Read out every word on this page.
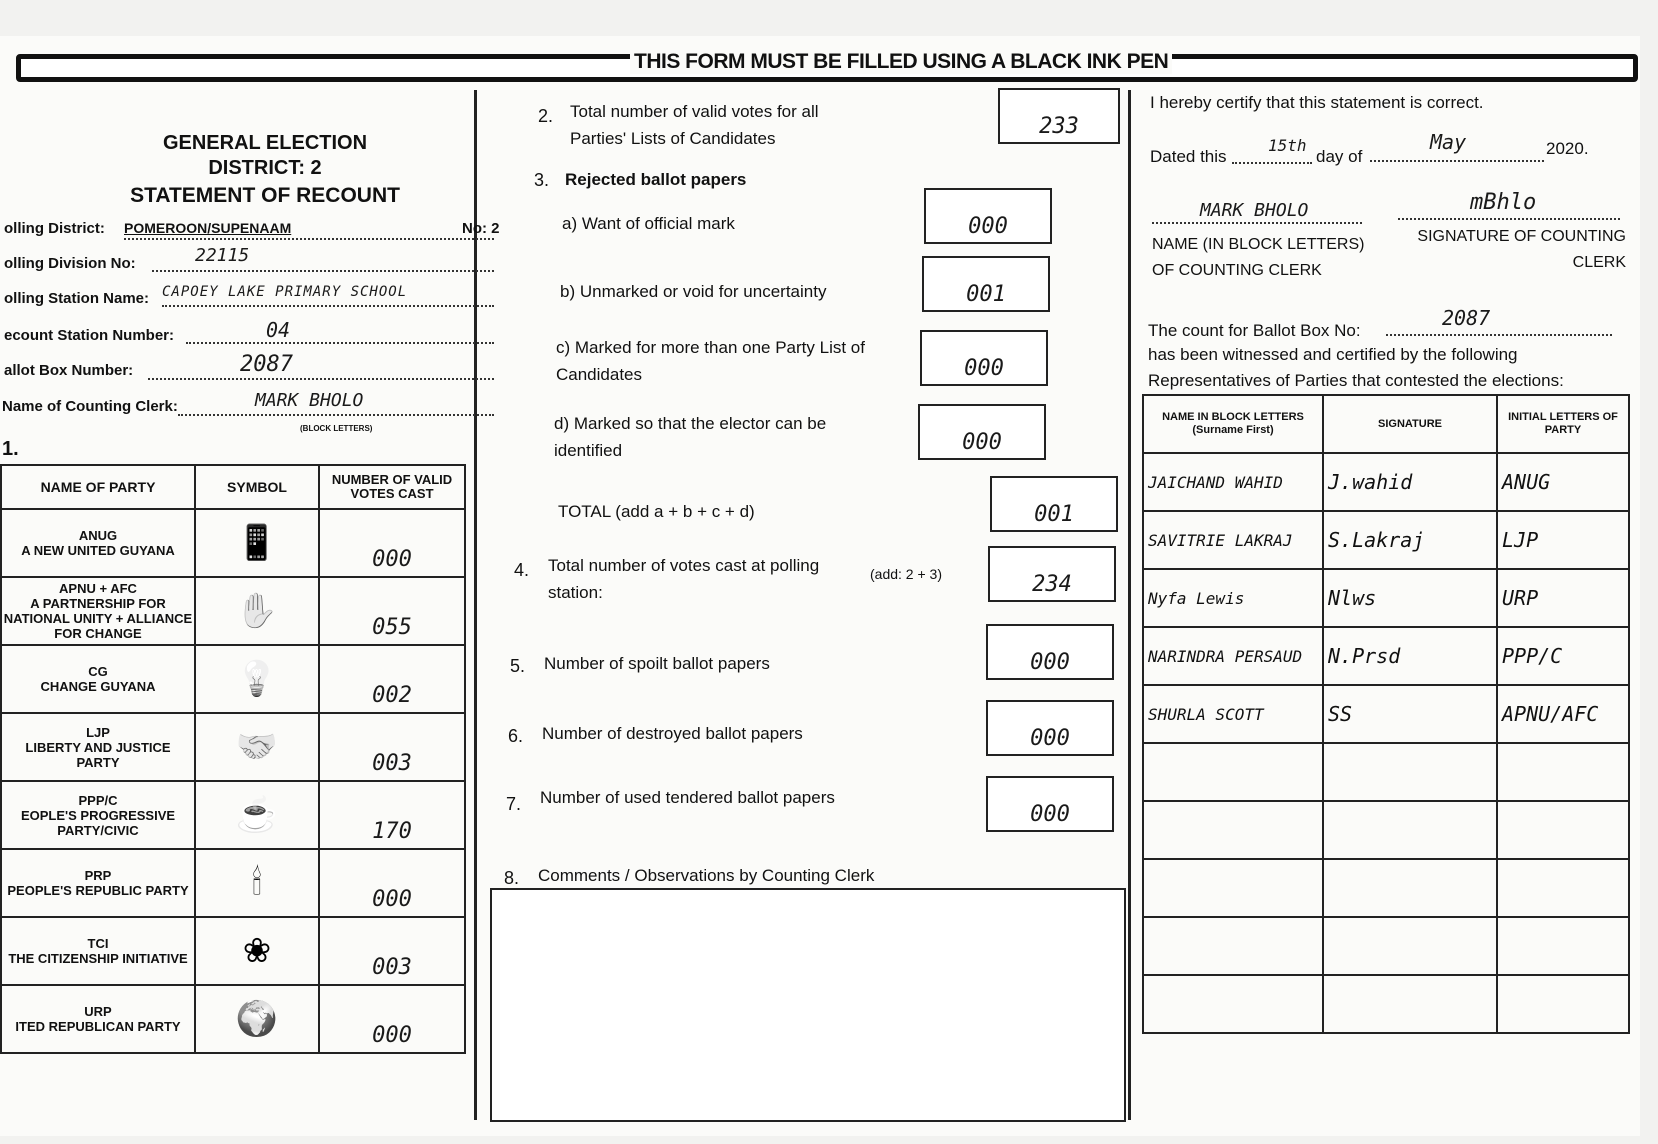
THIS FORM MUST BE FILLED USING A BLACK INK PEN
GENERAL ELECTION
DISTRICT: 2
STATEMENT OF RECOUNT
olling District: POMEROON/SUPENAAM	No: 2
olling Division No:	22115
olling Station Name: CAPOEY LAKE PRIMARY SCHOOL
ecount Station Number:	04
allot Box Number:	2087
Name of Counting Clerk:	MARK BHOLO
(BLOCK LETTERS)
1.
NAME OF PARTY	SYMBOL	NUMBER OF VALID VOTES CAST
ANUG
A NEW UNITED GUYANA	📱	000
APNU + AFC
A PARTNERSHIP FOR NATIONAL UNITY + ALLIANCE FOR CHANGE	✋	055
CG
CHANGE GUYANA	💡	002
LJP
LIBERTY AND JUSTICE PARTY	🤝	003
PPP/C
EOPLE'S PROGRESSIVE PARTY/CIVIC	☕	170
PRP
PEOPLE'S REPUBLIC PARTY	🕯	000
TCI
THE CITIZENSHIP INITIATIVE	❀	003
URP
ITED REPUBLICAN PARTY	🌍	000
2. Total number of valid votes for all Parties' Lists of Candidates	233
3. Rejected ballot papers
a) Want of official mark	000
b) Unmarked or void for uncertainty	001
c) Marked for more than one Party List of Candidates	000
d) Marked so that the elector can be identified	000
TOTAL (add a + b + c + d)	001
4. Total number of votes cast at polling station:
(add: 2 + 3)	234
5. Number of spoilt ballot papers	000
6. Number of destroyed ballot papers	000
7. Number of used tendered ballot papers
000
8. Comments / Observations by Counting Clerk
I hereby certify that this statement is correct.
Dated this
15th
day of
May	2020.
MARK BHOLO	mBhlo
NAME (IN BLOCK LETTERS) OF COUNTING CLERK
SIGNATURE OF COUNTING CLERK
The count for Ballot Box No:
2087
has been witnessed and certified by the following Representatives of Parties that contested the elections:
NAME IN BLOCK LETTERS (Surname First)	SIGNATURE	INITIAL LETTERS OF PARTY
JAICHAND WAHID	J.wahid	ANUG
SAVITRIE LAKRAJ	S.Lakraj	LJP
Nyfa Lewis	Nlws	URP
NARINDRA PERSAUD	N.Prsd	PPP/C
SHURLA SCOTT	SS	APNU/AFC
